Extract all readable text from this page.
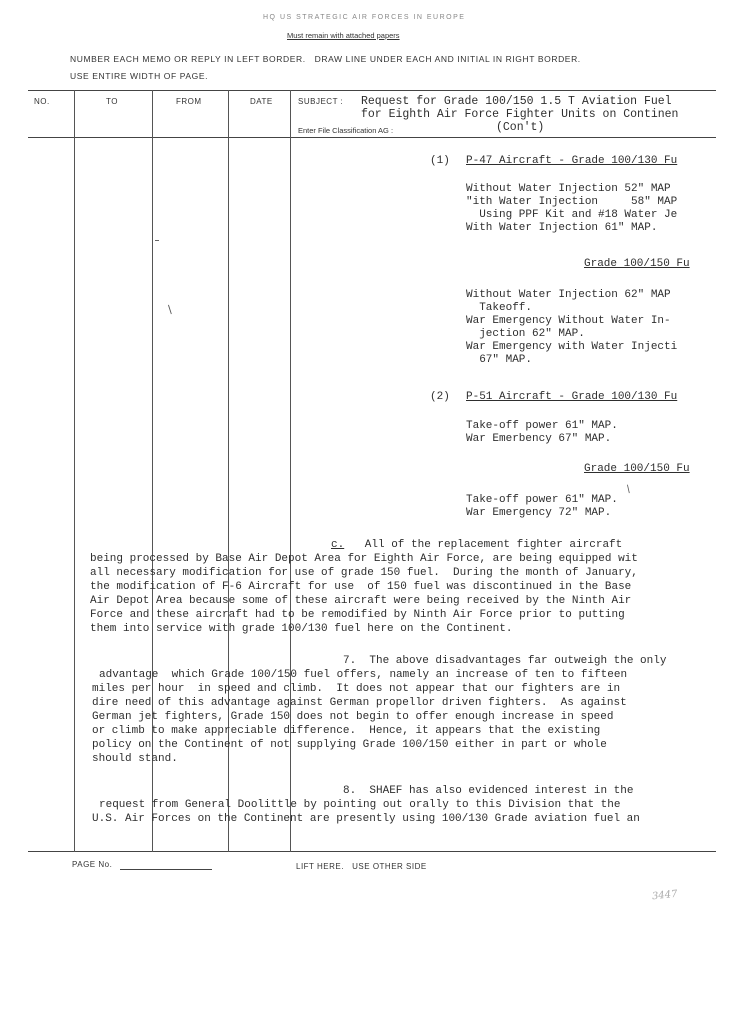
HQ US STRATEGIC AIR FORCES IN EUROPE
Must remain with attached papers
NUMBER EACH MEMO OR REPLY IN LEFT BORDER.   DRAW LINE UNDER EACH AND INITIAL IN RIGHT BORDER.
USE ENTIRE WIDTH OF PAGE.
NO.	TO	FROM	DATE	SUBJECT :
Enter File Classification AG :
Request for Grade 100/150 1.5 T Aviation Fuel
for Eighth Air Force Fighter Units on Continen
(Con't)
(1) P-47 Aircraft - Grade 100/130 Fu
Without Water Injection 52" MAP
"ith Water Injection     58" MAP
Using PPF Kit and #18 Water Je
With Water Injection 61" MAP.
Grade 100/150 Fu
Without Water Injection 62" MAP
Takeoff.
War Emergency Without Water In-
jection 62" MAP.
War Emergency with Water Injecti
67" MAP.
(2) P-51 Aircraft - Grade 100/130 Fu
Take-off power 61" MAP.
War Emerbency 67" MAP.
Grade 100/150 Fu
Take-off power 61" MAP.
War Emergency 72" MAP.
c. All of the replacement fighter aircraft
being processed by Base Air Depot Area for Eighth Air Force, are being equipped wit
all necessary modification for use of grade 150 fuel.  During the month of January,
the modification of F-6 Aircraft for use  of 150 fuel was discontinued in the Base
Air Depot Area because some of these aircraft were being received by the Ninth Air
Force and these aircraft had to be remodified by Ninth Air Force prior to putting
them into service with grade 100/130 fuel here on the Continent.
7.  The above disadvantages far outweigh the only
advantage  which Grade 100/150 fuel offers, namely an increase of ten to fifteen
miles per hour  in speed and climb.  It does not appear that our fighters are in
dire need of this advantage against German propellor driven fighters.  As against
German jet fighters, Grade 150 does not begin to offer enough increase in speed
or climb to make appreciable difference.  Hence, it appears that the existing
policy on the Continent of not supplying Grade 100/150 either in part or whole
should stand.
8.  SHAEF has also evidenced interest in the
request from General Doolittle by pointing out orally to this Division that the
U.S. Air Forces on the Continent are presently using 100/130 Grade aviation fuel an
PAGE No.	LIFT HERE.   USE OTHER SIDE
/
/
3447
